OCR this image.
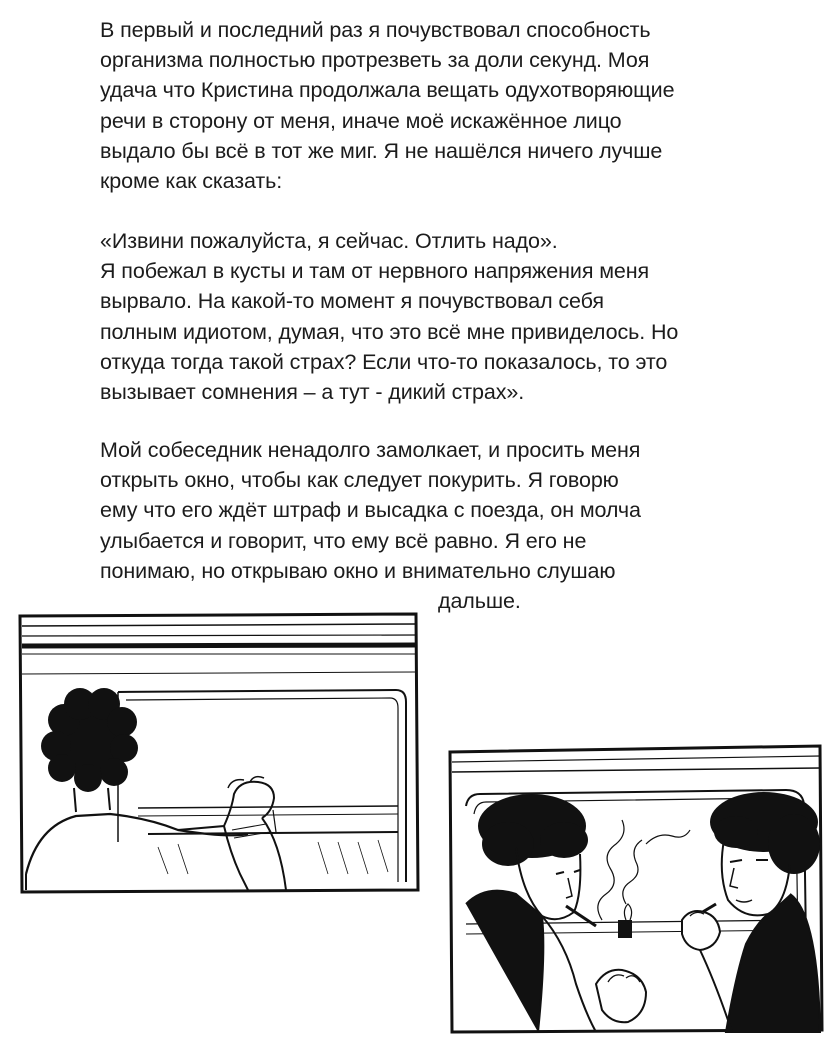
В первый и последний раз я почувствовал способность
организма полностью протрезветь за доли секунд. Моя
удача что Кристина продолжала вещать одухотворяющие
речи в сторону от меня, иначе моё искажённое лицо
выдало бы всё в тот же миг. Я не нашёлся ничего лучше
кроме как сказать:
«Извини пожалуйста, я сейчас. Отлить надо».
Я побежал в кусты и там от нервного напряжения меня
вырвало. На какой-то момент я почувствовал себя
полным идиотом, думая, что это всё мне привиделось. Но
откуда тогда такой страх? Если что-то показалось, то это
вызывает сомнения – а тут - дикий страх».
Мой собеседник ненадолго замолкает, и просить меня
открыть окно, чтобы как следует покурить. Я говорю
ему что его ждёт штраф и высадка с поезда, он молча
улыбается и говорит, что ему всё равно. Я его не
понимаю, но открываю окно и внимательно слушаю
дальше.
